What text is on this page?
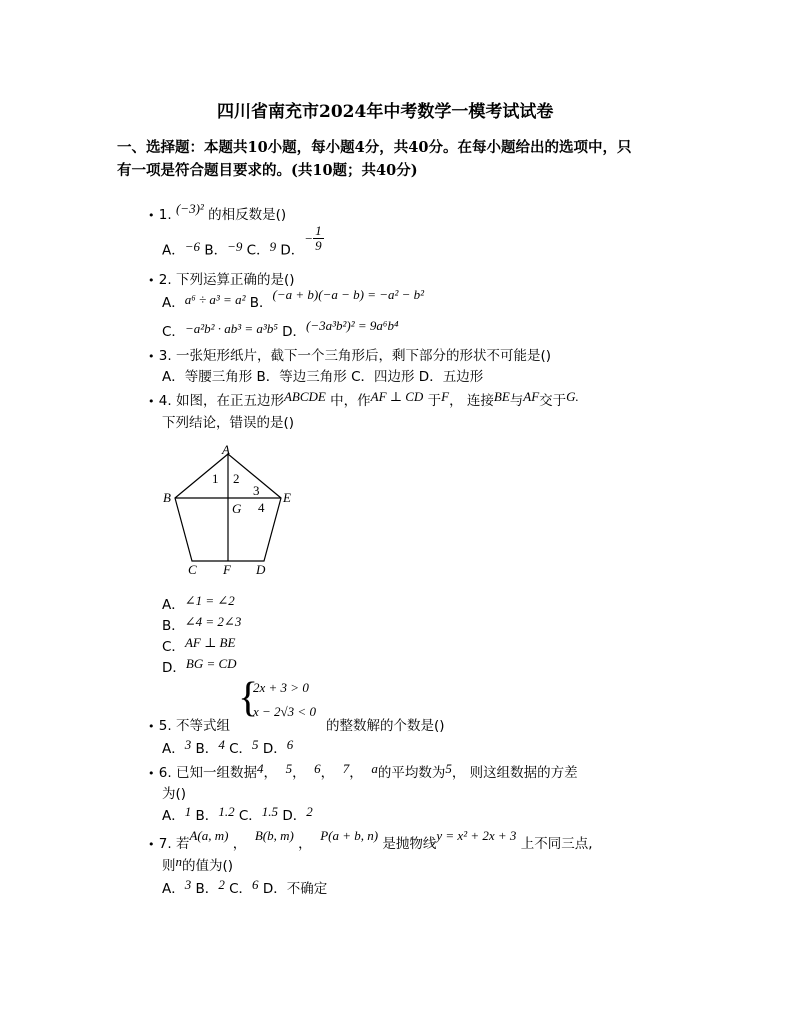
四川省南充市2024年中考数学一模考试试卷
一、选择题：本题共10小题，每小题4分，共40分。在每小题给出的选项中，只
有一项是符合题目要求的。(共10题；共40分)
• 1. (−3)² 的相反数是()
A．−6 B．−9 C．9 D．− $\frac{1}{9}$
• 2. 下列运算正确的是()
A．a⁶ ÷ a³ = a² B．(−a + b)(−a − b) = −a² − b²
C．−a²b² · ab³ = a³b⁵ D．(−3a³b²)² = 9a⁶b⁴
• 3. 一张矩形纸片，截下一个三角形后，剩下部分的形状不可能是()
A．等腰三角形 B．等边三角形 C．四边形 D．五边形
• 4. 如图，在正五边形ABCDE 中，作AF ⊥ CD 于F， 连接BE与AF交于G.
下列结论，错误的是()
A
B	E
C F D
G
1 2
3
4
A．∠1 = ∠2
B．∠4 = 2∠3
C．AF ⊥ BE
D．BG = CD
{
2x + 3 > 0
x − 2√3 < 0
• 5. 不等式组	的整数解的个数是()
A．3 B．4 C．5 D．6
• 6. 已知一组数据4，  5，  6，  7，  a的平均数为5， 则这组数据的方差
为()
A．1 B．1.2 C．1.5 D．2
• 7. 若A(a, m) ，  B(b, m) ，  P(a + b, n) 是抛物线y = x² + 2x + 3 上不同三点,
则n的值为()
A．3 B．2 C．6 D．不确定
